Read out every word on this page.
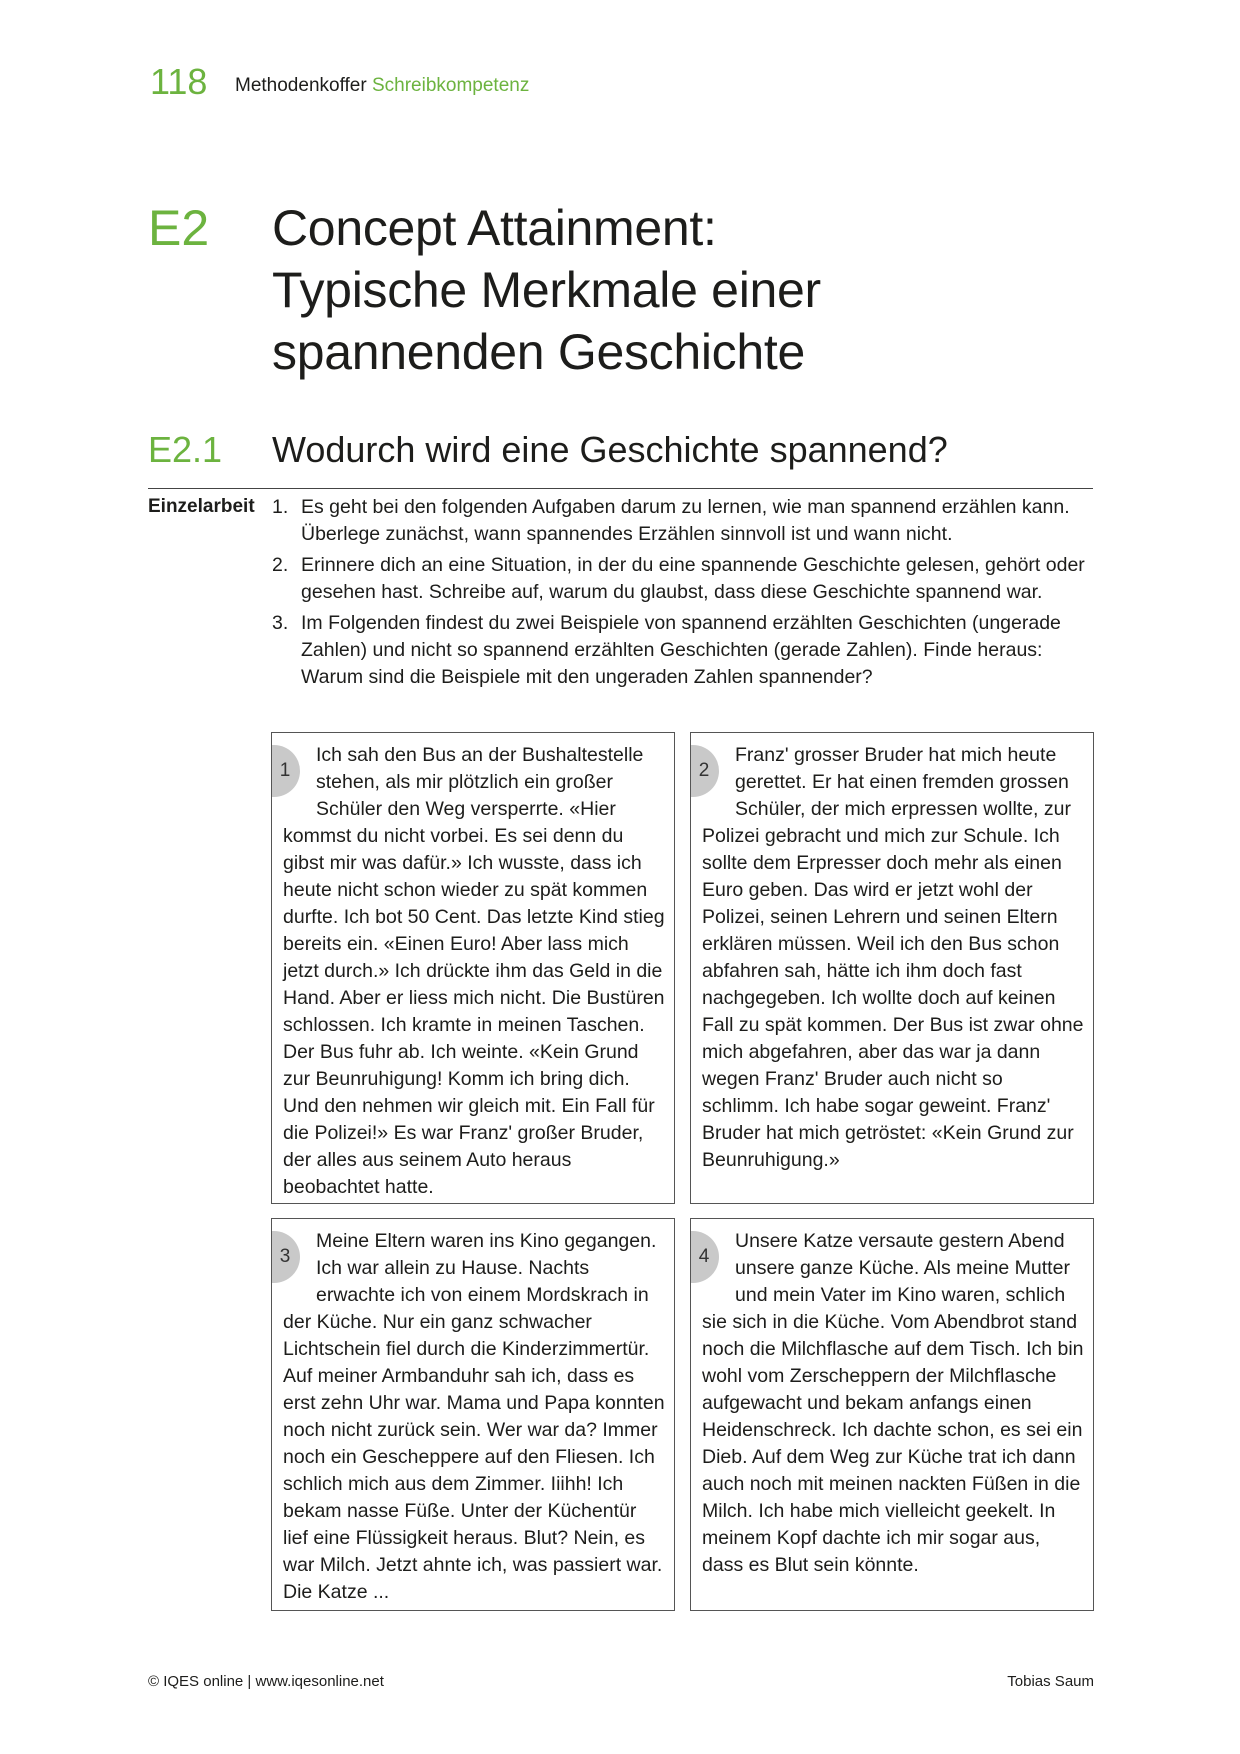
118 Methodenkoffer Schreibkompetenz
E2 Concept Attainment:
Typische Merkmale einer
spannenden Geschichte
E2.1 Wodurch wird eine Geschichte spannend?
Einzelarbeit 1. Es geht bei den folgenden Aufgaben darum zu lernen, wie man spannend erzählen kann. Überlege zunächst, wann spannendes Erzählen sinnvoll ist und wann nicht.
2. Erinnere dich an eine Situation, in der du eine spannende Geschichte gelesen, gehört oder gesehen hast. Schreibe auf, warum du glaubst, dass diese Geschichte spannend war.
3. Im Folgenden findest du zwei Beispiele von spannend erzählten Geschichten (ungerade Zahlen) und nicht so spannend erzählten Geschichten (gerade Zahlen). Finde heraus: Warum sind die Beispiele mit den ungeraden Zahlen spannender?
1
Ich sah den Bus an der Bushaltestelle stehen, als mir plötzlich ein großer Schüler den Weg versperrte. «Hier kommst du nicht vorbei. Es sei denn du gibst mir was dafür.» Ich wusste, dass ich heute nicht schon wieder zu spät kommen durfte. Ich bot 50 Cent. Das letzte Kind stieg bereits ein. «Einen Euro! Aber lass mich jetzt durch.» Ich drückte ihm das Geld in die Hand. Aber er liess mich nicht. Die Bustüren schlossen. Ich kramte in meinen Taschen. Der Bus fuhr ab. Ich weinte. «Kein Grund zur Beunruhigung! Komm ich bring dich. Und den nehmen wir gleich mit. Ein Fall für die Polizei!» Es war Franz' großer Bruder, der alles aus seinem Auto heraus beobachtet hatte.
2
Franz' grosser Bruder hat mich heute gerettet. Er hat einen fremden grossen Schüler, der mich erpressen wollte, zur Polizei gebracht und mich zur Schule. Ich sollte dem Erpresser doch mehr als einen Euro geben. Das wird er jetzt wohl der Polizei, seinen Lehrern und seinen Eltern erklären müssen. Weil ich den Bus schon abfahren sah, hätte ich ihm doch fast nachgegeben. Ich wollte doch auf keinen Fall zu spät kommen. Der Bus ist zwar ohne mich abgefahren, aber das war ja dann wegen Franz' Bruder auch nicht so schlimm. Ich habe sogar geweint. Franz' Bruder hat mich getröstet: «Kein Grund zur Beunruhigung.»
3
Meine Eltern waren ins Kino gegangen. Ich war allein zu Hause. Nachts erwachte ich von einem Mordskrach in der Küche. Nur ein ganz schwacher Lichtschein fiel durch die Kinderzimmertür. Auf meiner Armbanduhr sah ich, dass es erst zehn Uhr war. Mama und Papa konnten noch nicht zurück sein. Wer war da? Immer noch ein Gescheppere auf den Fliesen. Ich schlich mich aus dem Zimmer. Iiihh! Ich bekam nasse Füße. Unter der Küchentür lief eine Flüssigkeit heraus. Blut? Nein, es war Milch. Jetzt ahnte ich, was passiert war. Die Katze ...
4
Unsere Katze versaute gestern Abend unsere ganze Küche. Als meine Mutter und mein Vater im Kino waren, schlich sie sich in die Küche. Vom Abendbrot stand noch die Milchflasche auf dem Tisch. Ich bin wohl vom Zerscheppern der Milchflasche aufgewacht und bekam anfangs einen Heidenschreck. Ich dachte schon, es sei ein Dieb. Auf dem Weg zur Küche trat ich dann auch noch mit meinen nackten Füßen in die Milch. Ich habe mich vielleicht geekelt. In meinem Kopf dachte ich mir sogar aus, dass es Blut sein könnte.
© IQES online | www.iqesonline.net	Tobias Saum
